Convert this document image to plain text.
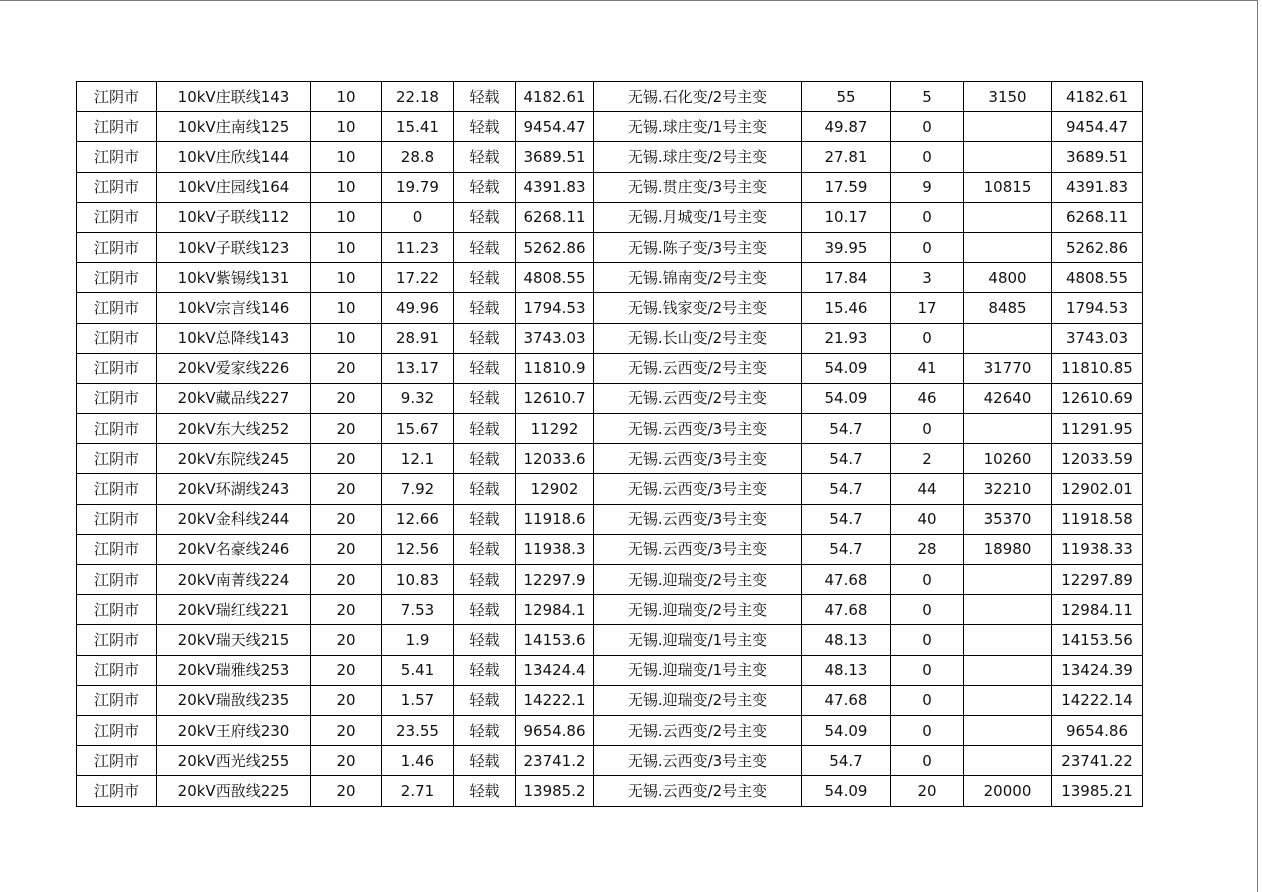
江阴市	10kV庄联线143	10	22.18	轻载	4182.61	无锡.石化变/2号主变	55	5	3150	4182.61
江阴市	10kV庄南线125	10	15.41	轻载	9454.47	无锡.球庄变/1号主变	49.87	0		9454.47
江阴市	10kV庄欣线144	10	28.8	轻载	3689.51	无锡.球庄变/2号主变	27.81	0		3689.51
江阴市	10kV庄园线164	10	19.79	轻载	4391.83	无锡.贯庄变/3号主变	17.59	9	10815	4391.83
江阴市	10kV子联线112	10	0	轻载	6268.11	无锡.月城变/1号主变	10.17	0		6268.11
江阴市	10kV子联线123	10	11.23	轻载	5262.86	无锡.陈子变/3号主变	39.95	0		5262.86
江阴市	10kV紫锡线131	10	17.22	轻载	4808.55	无锡.锦南变/2号主变	17.84	3	4800	4808.55
江阴市	10kV宗言线146	10	49.96	轻载	1794.53	无锡.钱家变/2号主变	15.46	17	8485	1794.53
江阴市	10kV总降线143	10	28.91	轻载	3743.03	无锡.长山变/2号主变	21.93	0		3743.03
江阴市	20kV爱家线226	20	13.17	轻载	11810.9	无锡.云西变/2号主变	54.09	41	31770	11810.85
江阴市	20kV藏品线227	20	9.32	轻载	12610.7	无锡.云西变/2号主变	54.09	46	42640	12610.69
江阴市	20kV东大线252	20	15.67	轻载	11292	无锡.云西变/3号主变	54.7	0		11291.95
江阴市	20kV东院线245	20	12.1	轻载	12033.6	无锡.云西变/3号主变	54.7	2	10260	12033.59
江阴市	20kV环湖线243	20	7.92	轻载	12902	无锡.云西变/3号主变	54.7	44	32210	12902.01
江阴市	20kV金科线244	20	12.66	轻载	11918.6	无锡.云西变/3号主变	54.7	40	35370	11918.58
江阴市	20kV名豪线246	20	12.56	轻载	11938.3	无锡.云西变/3号主变	54.7	28	18980	11938.33
江阴市	20kV南菁线224	20	10.83	轻载	12297.9	无锡.迎瑞变/2号主变	47.68	0		12297.89
江阴市	20kV瑞红线221	20	7.53	轻载	12984.1	无锡.迎瑞变/2号主变	47.68	0		12984.11
江阴市	20kV瑞天线215	20	1.9	轻载	14153.6	无锡.迎瑞变/1号主变	48.13	0		14153.56
江阴市	20kV瑞雅线253	20	5.41	轻载	13424.4	无锡.迎瑞变/1号主变	48.13	0		13424.39
江阴市	20kV瑞敔线235	20	1.57	轻载	14222.1	无锡.迎瑞变/2号主变	47.68	0		14222.14
江阴市	20kV王府线230	20	23.55	轻载	9654.86	无锡.云西变/2号主变	54.09	0		9654.86
江阴市	20kV西光线255	20	1.46	轻载	23741.2	无锡.云西变/3号主变	54.7	0		23741.22
江阴市	20kV西敔线225	20	2.71	轻载	13985.2	无锡.云西变/2号主变	54.09	20	20000	13985.21
